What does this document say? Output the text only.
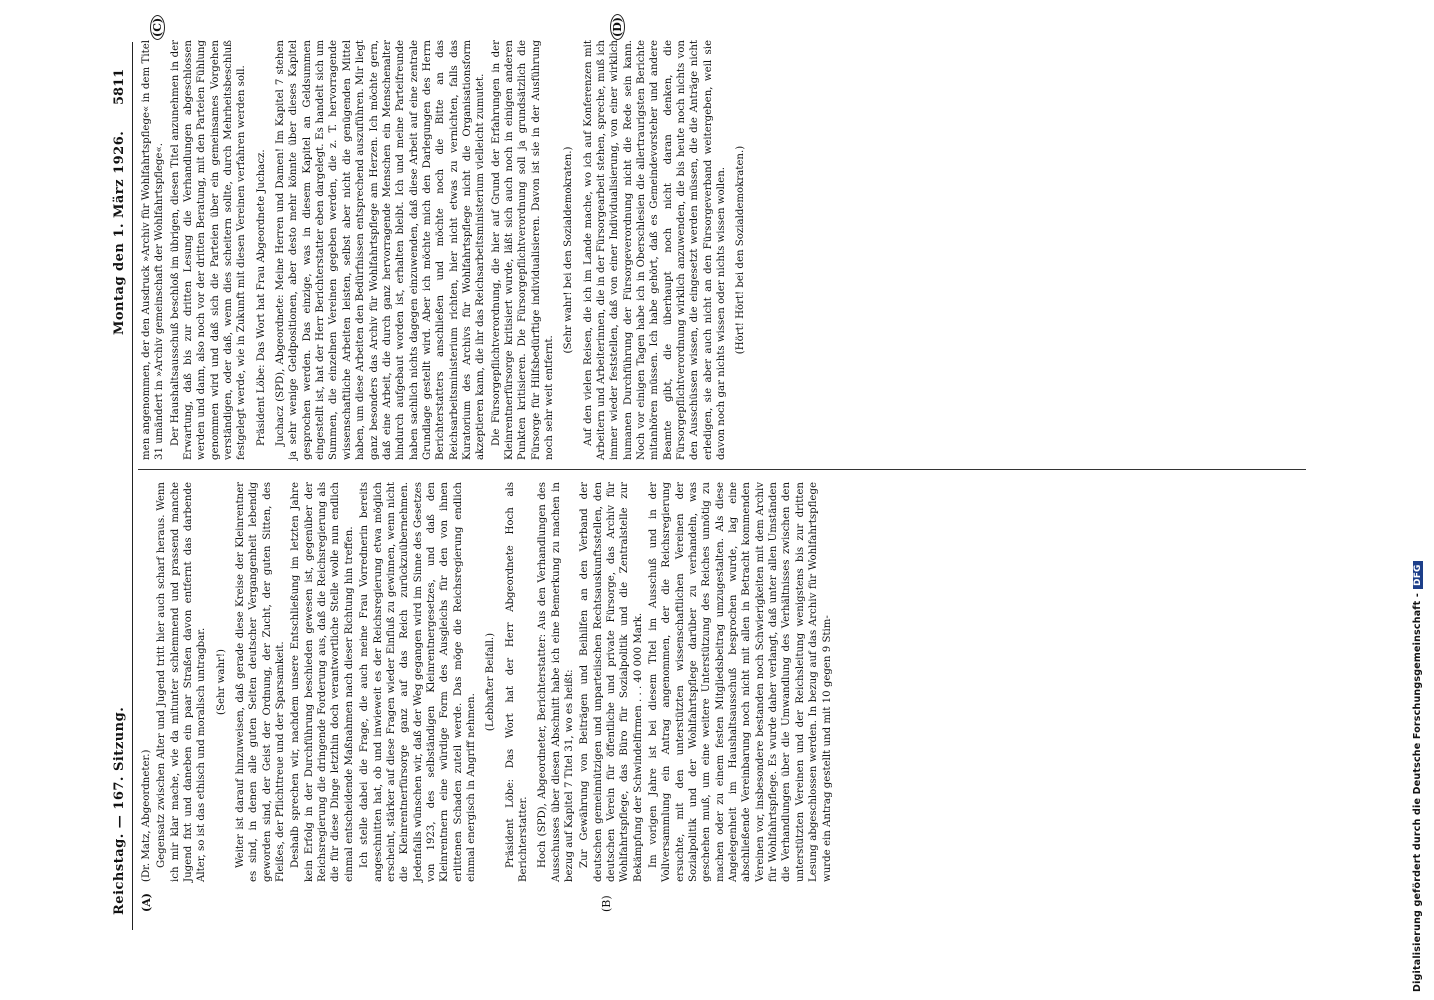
Reichstag. — 167. Sitzung.
Montag den 1. März 1926.
5811
(A)	(B)
(C)	(D)

(Dr. Matz, Abgeordneter.) Gegensatz zwischen Alter und Jugend tritt hier auch scharf heraus. Wenn ich mir klar mache, wie da mitunter schlemmend und prassend manche Jugend fixt und daneben ein paar Straßen davon entfernt das darbende Alter, so ist das ethisch und moralisch untragbar. (Sehr wahr!) Weiter ist darauf hinzuweisen, daß gerade diese Kreise der Kleinrentner es sind, in denen alle guten Seiten deutscher Vergangenheit lebendig geworden sind, der Geist der Ordnung, der Zucht, der guten Sitten, des Fleißes, der Pflichttreue und der Sparsamkeit. Deshalb sprechen wir, nachdem unsere Entschließung im letzten Jahre kein Erfolg in der Durchführung beschieden gewesen ist, gegenüber der Reichsregierung die dringende Forderung aus, daß die Reichsregierung als die für diese Dinge letzthin doch verantwortliche Stelle wolle nun endlich einmal entscheidende Maßnahmen nach dieser Richtung hin treffen. Ich stelle dabei die Frage, die auch meine Frau Vorrednerin bereits angeschnitten hat, ob und inwieweit es der Reichsregierung etwa möglich erscheint, stärker auf diese Fragen wieder Einfluß zu gewinnen, wenn nicht die Kleinrentnerfürsorge ganz auf das Reich zurückzuübernehmen. Jedenfalls wünschen wir, daß der Weg gegangen wird im Sinne des Gesetzes von 1923, des selbständigen Kleinrentnergesetzes, und daß den Kleinrentnern eine würdige Form des Ausgleichs für den von ihnen erlittenen Schaden zuteil werde. Das möge die Reichsregierung endlich einmal energisch in Angriff nehmen.

(Lebhafter Beifall.) Präsident Löbe: Das Wort hat der Herr Abgeordnete Hoch als Berichterstatter. Hoch (SPD), Abgeordneter, Berichterstatter: Aus den Verhandlungen des Ausschusses über diesen Abschnitt habe ich eine Bemerkung zu machen in bezug auf Kapitel 7 Titel 31, wo es heißt: Zur Gewährung von Beiträgen und Beihilfen an den Verband der deutschen gemeinnützigen und unparteiischen Rechtsauskunftsstellen, den deutschen Verein für öffentliche und private Fürsorge, das Archiv für Wohlfahrtspflege, das Büro für Sozialpolitik und die Zentralstelle zur Bekämpfung der Schwindelfirmen . . . 40 000 Mark. Im vorigen Jahre ist bei diesem Titel im Ausschuß und in der Vollversammlung ein Antrag angenommen, der die Reichsregierung ersuchte, mit den unterstützten wissenschaftlichen Vereinen der Sozialpolitik und der Wohlfahrtspflege darüber zu verhandeln, was geschehen muß, um eine weitere Unterstützung des Reiches unnötig zu machen oder zu einem festen Mitgliedsbeitrag umzugestalten. Als diese Angelegenheit im Haushaltsausschuß besprochen wurde, lag eine abschließende Vereinbarung noch nicht mit allen in Betracht kommenden Vereinen vor, insbesondere bestanden noch Schwierigkeiten mit dem Archiv für Wohlfahrtspflege. Es wurde daher verlangt, daß unter allen Umständen die Verhandlungen über die Umwandlung des Verhältnisses zwischen den unterstützten Vereinen und der Reichsleitung wenigstens bis zur dritten Lesung abgeschlossen werden. In bezug auf das Archiv für Wohlfahrtspflege wurde ein Antrag gestellt und mit 10 gegen 9 Stim-

men angenommen, der den Ausdruck »Archiv für Wohlfahrtspflege« in dem Titel 31 umändert in »Archiv gemeinschaft der Wohlfahrtspflege«. Der Haushaltsausschuß beschloß im übrigen, diesen Titel anzunehmen in der Erwartung, daß bis zur dritten Lesung die Verhandlungen abgeschlossen werden und dann, also noch vor der dritten Beratung, mit den Parteien Fühlung genommen wird und daß sich die Parteien über ein gemeinsames Vorgehen verständigen, oder daß, wenn dies scheitern sollte, durch Mehrheitsbeschluß festgelegt werde, wie in Zukunft mit diesen Vereinen verfahren werden soll. Präsident Löbe: Das Wort hat Frau Abgeordnete Juchacz. Juchacz (SPD), Abgeordnete: Meine Herren und Damen! Im Kapitel 7 stehen ja sehr wenige Geldpositionen, aber desto mehr könnte über dieses Kapitel gesprochen werden. Das einzige, was in diesem Kapitel an Geldsummen eingestellt ist, hat der Herr Berichterstatter eben dargelegt. Es handelt sich um Summen, die einzelnen Vereinen gegeben werden, die z. T. hervorragende wissenschaftliche Arbeiten leisten, selbst aber nicht die genügenden Mittel haben, um diese Arbeiten den Bedürfnissen entsprechend auszuführen. Mir liegt ganz besonders das Archiv für Wohlfahrtspflege am Herzen. Ich möchte gern, daß eine Arbeit, die durch ganz hervorragende Menschen ein Menschenalter hindurch aufgebaut worden ist, erhalten bleibt. Ich und meine Parteifreunde haben sachlich nichts dagegen einzuwenden, daß diese Arbeit auf eine zentrale Grundlage gestellt wird. Aber ich möchte mich den Darlegungen des Herrn Berichterstatters anschließen und möchte noch die Bitte an das Reichsarbeitsministerium richten, hier nicht etwas zu vernichten, falls das Kuratorium des Archivs für Wohlfahrtspflege nicht die Organisationsform akzeptieren kann, die ihr das Reichsarbeitsministerium vielleicht zumutet. Die Fürsorgepflichtverordnung, die hier auf Grund der Erfahrungen in der Kleinrentnerfürsorge kritisiert wurde, läßt sich auch noch in einigen anderen Punkten kritisieren. Die Fürsorgepflichtverordnung soll ja grundsätzlich die Fürsorge für Hilfsbedürftige individualisieren. Davon ist sie in der Ausführung noch sehr weit entfernt.

(Sehr wahr! bei den Sozialdemokraten.) Auf den vielen Reisen, die ich im Lande mache, wo ich auf Konferenzen mit Arbeitern und Arbeiterinnen, die in der Fürsorgearbeit stehen, spreche, muß ich immer wieder feststellen, daß von einer Individualisierung, von einer wirklich humanen Durchführung der Fürsorgeverordnung nicht die Rede sein kann. Noch vor einigen Tagen habe ich in Oberschlesien die allertraurigsten Berichte mitanhören müssen. Ich habe gehört, daß es Gemeindevorsteher und andere Beamte gibt, die überhaupt noch nicht daran denken, die Fürsorgepflichtverordnung wirklich anzuwenden, die bis heute noch nichts von den Ausschüssen wissen, die eingesetzt werden müssen, die die Anträge nicht erledigen, sie aber auch nicht an den Fürsorgeverband weitergeben, weil sie davon noch gar nichts wissen oder nichts wissen wollen. (Hört! Hört! bei den Sozialdemokraten.)

Digitalisierung gefördert durch die Deutsche Forschungsgemeinschaft -DFG
